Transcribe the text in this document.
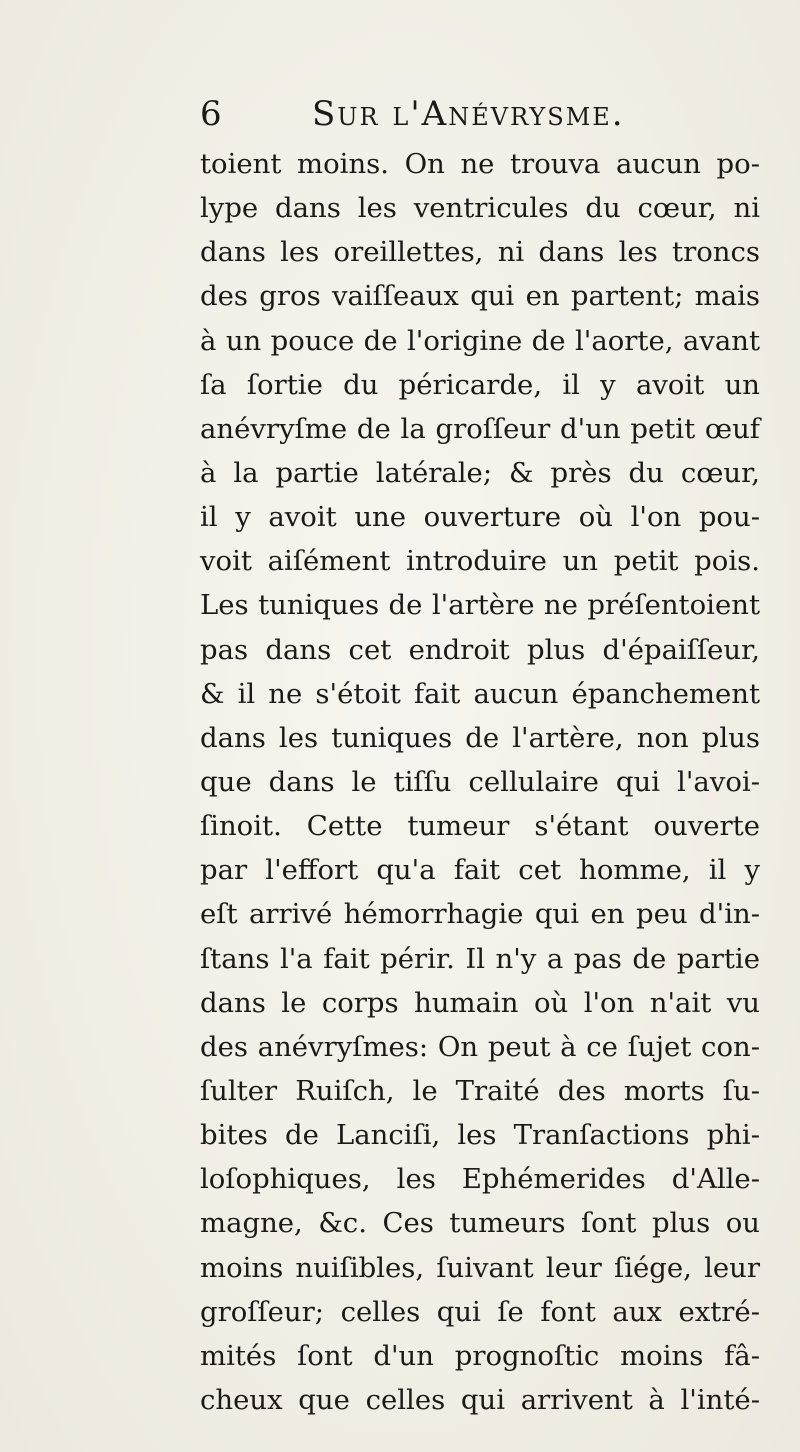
6	Sur l'Anévrysme.
toient moins. On ne trouva aucun po-
lype dans les ventricules du cœur, ni
dans les oreillettes, ni dans les troncs
des gros vaiſſeaux qui en partent; mais
à un pouce de l'origine de l'aorte, avant
ſa ſortie du péricarde, il y avoit un
anévryſme de la groſſeur d'un petit œuf
à la partie latérale; & près du cœur,
il y avoit une ouverture où l'on pou-
voit aiſément introduire un petit pois.
Les tuniques de l'artère ne préſentoient
pas dans cet endroit plus d'épaiſſeur,
& il ne s'étoit fait aucun épanchement
dans les tuniques de l'artère, non plus
que dans le tiſſu cellulaire qui l'avoi-
ſinoit. Cette tumeur s'étant ouverte
par l'effort qu'a fait cet homme, il y
eſt arrivé hémorrhagie qui en peu d'in-
ſtans l'a fait périr. Il n'y a pas de partie
dans le corps humain où l'on n'ait vu
des anévryſmes: On peut à ce ſujet con-
ſulter Ruiſch, le Traité des morts ſu-
bites de Lanciſi, les Tranſactions phi-
loſophiques, les Ephémerides d'Alle-
magne, &c. Ces tumeurs ſont plus ou
moins nuiſibles, ſuivant leur ſiége, leur
groſſeur; celles qui ſe font aux extré-
mités ſont d'un prognoſtic moins fâ-
cheux que celles qui arrivent à l'inté-
